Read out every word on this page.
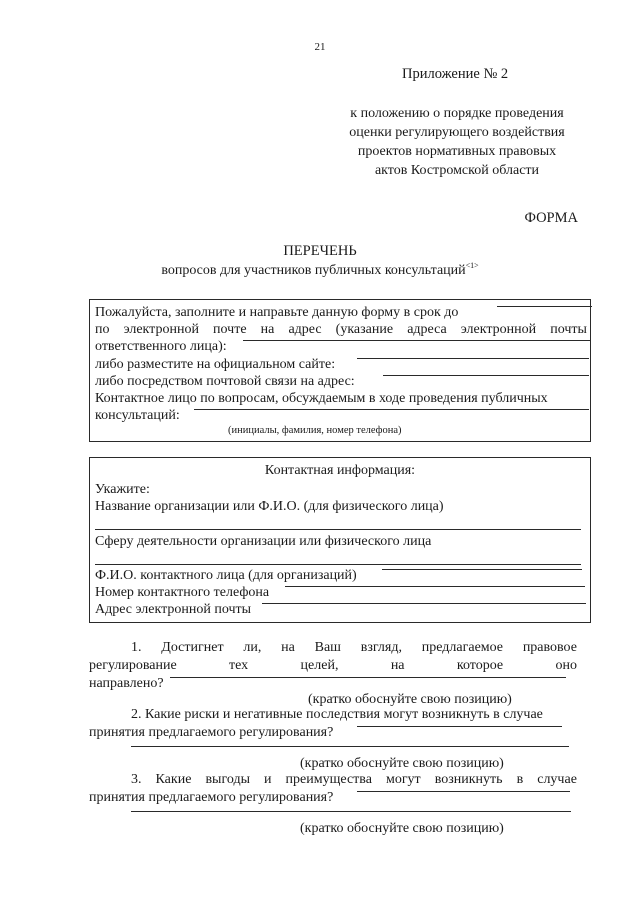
21
Приложение № 2
к положению о порядке проведения
оценки регулирующего воздействия
проектов нормативных правовых
актов Костромской области
ФОРМА
ПЕРЕЧЕНЬ
вопросов для участников публичных консультаций$^{<1>}$
Пожалуйста, заполните и направьте данную форму в срок до
по электронной почте на адрес (указание адреса электронной почты
ответственного лица):
либо разместите на официальном сайте:
либо посредством почтовой связи на адрес:
Контактное лицо по вопросам, обсуждаемым в ходе проведения публичных
консультаций:
(инициалы, фамилия, номер телефона)
Контактная информация:
Укажите:
Название организации или Ф.И.О. (для физического лица)
Сферу деятельности организации или физического лица
Ф.И.О. контактного лица (для организаций)
Номер контактного телефона
Адрес электронной почты
1. Достигнет ли, на Ваш взгляд, предлагаемое правовое
регулирование	тех	целей,	на	которое	оно
направлено?
(кратко обоснуйте свою позицию)
2. Какие риски и негативные последствия могут возникнуть в случае
принятия предлагаемого регулирования?
(кратко обоснуйте свою позицию)
3. Какие выгоды и преимущества могут возникнуть в случае
принятия предлагаемого регулирования?
(кратко обоснуйте свою позицию)
